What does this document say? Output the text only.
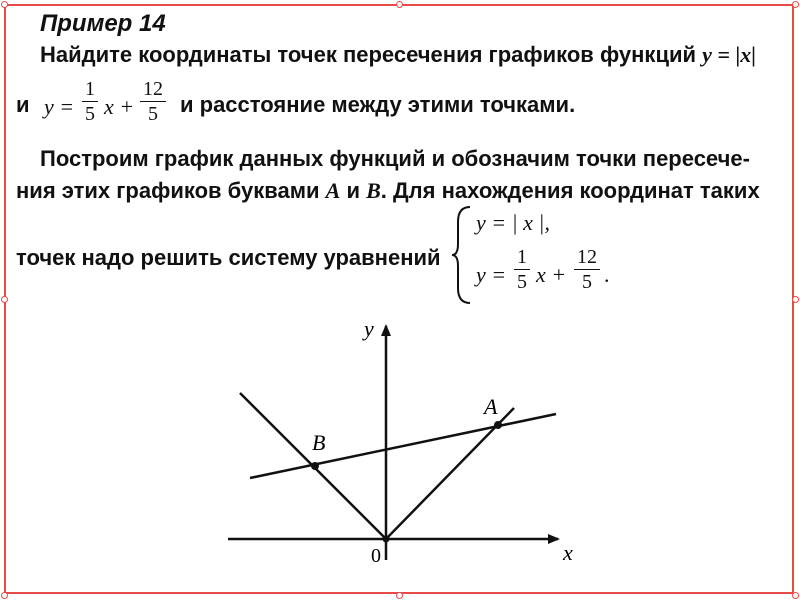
Пример 14
Найдите координаты точек пересечения графиков функций y = |x|
и y =
1
5 x +
12
5	и расстояние между этими точками.
Построим график данных функций и обозначим точки пересече-
ния этих графиков буквами A и B. Для нахождения координат таких
точек надо решить систему уравнений
y = | x |,
y =
1
5 x +
12
5 .
y
x
0
A
B
